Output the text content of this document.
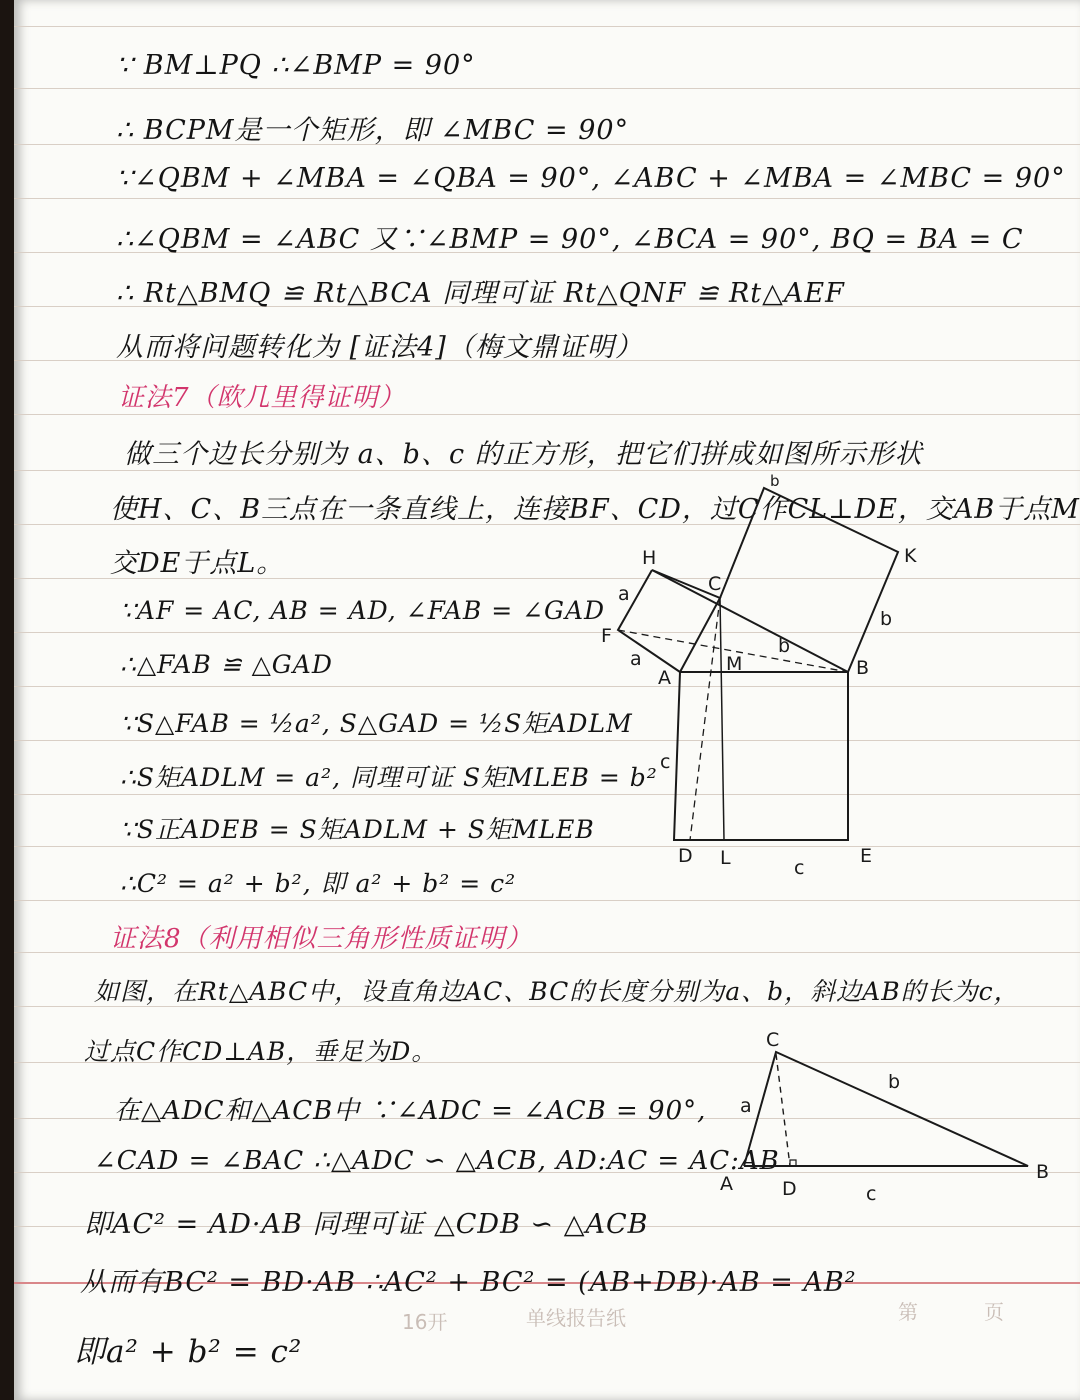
∵ BM⊥PQ ∴∠BMP = 90°
∴ BCPM是一个矩形，即 ∠MBC = 90°
∵∠QBM + ∠MBA = ∠QBA = 90°, ∠ABC + ∠MBA = ∠MBC = 90°
∴∠QBM = ∠ABC 又∵∠BMP = 90°, ∠BCA = 90°, BQ = BA = C
∴ Rt△BMQ ≌ Rt△BCA 同理可证 Rt△QNF ≌ Rt△AEF
从而将问题转化为 [证法4]（梅文鼎证明）
证法7（欧几里得证明）
做三个边长分别为 a、b、c 的正方形，把它们拼成如图所示形状
使H、C、B三点在一条直线上，连接BF、CD，过C作CL⊥DE，交AB于点M
交DE于点L。
∵AF = AC, AB = AD, ∠FAB = ∠GAD
∴△FAB ≌ △GAD
∵S△FAB = ½a², S△GAD = ½S矩ADLM
∴S矩ADLM = a², 同理可证 S矩MLEB = b²
∵S正ADEB = S矩ADLM + S矩MLEB
∴C² = a² + b², 即 a² + b² = c²
H
C
K
F
A
M	B
D L	E
a
a
b
b
c
c
b
证法8（利用相似三角形性质证明）
如图，在Rt△ABC中，设直角边AC、BC的长度分别为a、b，斜边AB的长为c，
过点C作CD⊥AB，垂足为D。
在△ADC和△ACB中 ∵∠ADC = ∠ACB = 90°,
∠CAD = ∠BAC ∴△ADC ∽ △ACB, AD:AC = AC:AB
即AC² = AD·AB 同理可证 △CDB ∽ △ACB
从而有BC² = BD·AB ∴AC² + BC² = (AB+DB)·AB = AB²
即a² + b² = c²
C
A	D
B
a
b
c
16开	单线报告纸	第	页
